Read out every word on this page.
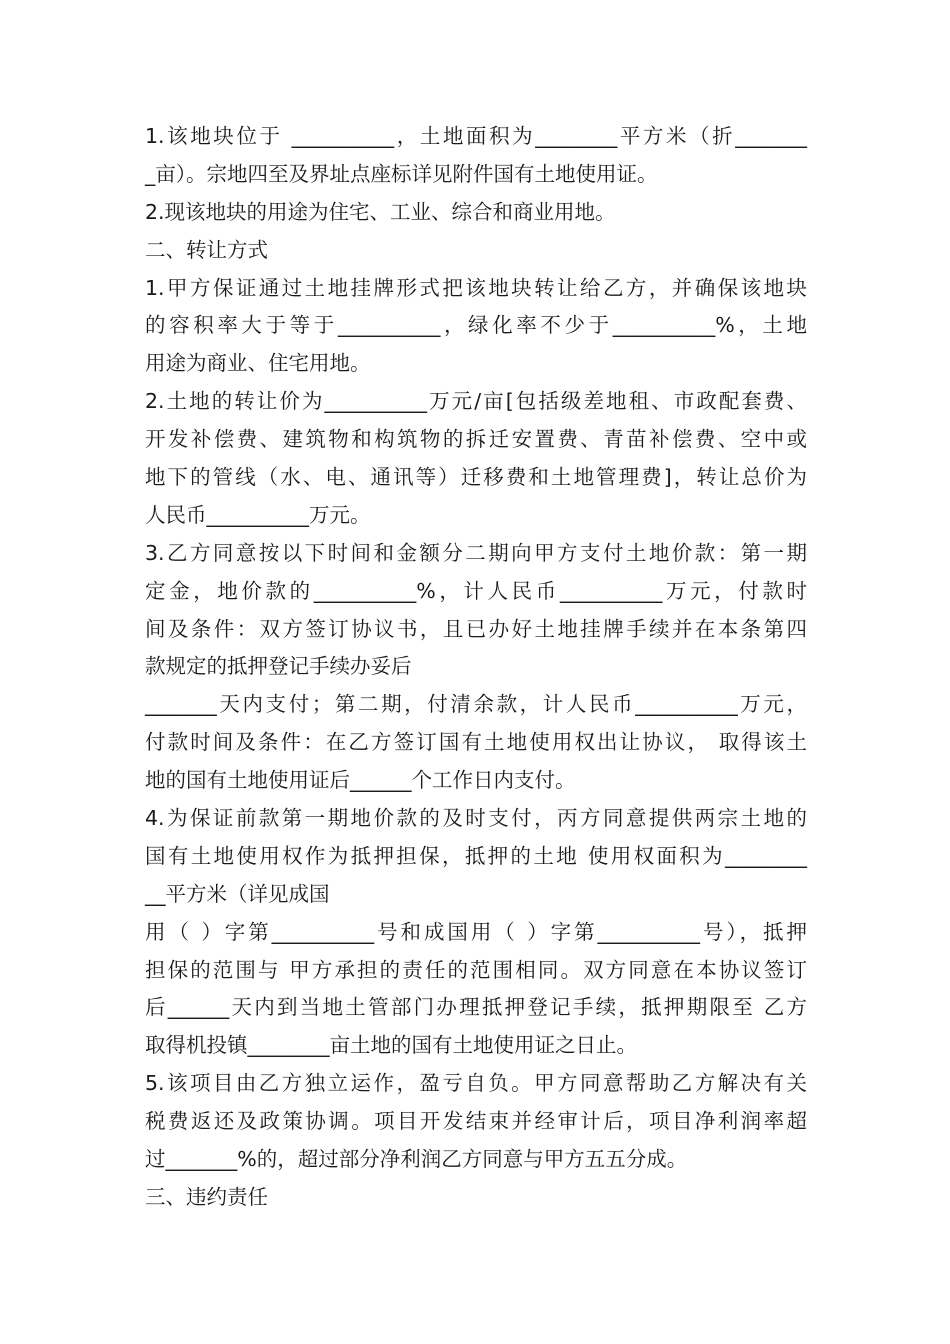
1.该地块位于 __________，土地面积为________平方米（折_______
_亩）。宗地四至及界址点座标详见附件国有土地使用证。
2.现该地块的用途为住宅、工业、综合和商业用地。
二、转让方式
1.甲方保证通过土地挂牌形式把该地块转让给乙方，并确保该地块
的容积率大于等于__________，绿化率不少于__________%，土地
用途为商业、住宅用地。
2.土地的转让价为__________万元/亩[包括级差地租、市政配套费、
开发补偿费、建筑物和构筑物的拆迁安置费、青苗补偿费、空中或
地下的管线（水、电、通讯等）迁移费和土地管理费]，转让总价为
人民币__________万元。
3.乙方同意按以下时间和金额分二期向甲方支付土地价款：第一期
定金，地价款的__________%，计人民币__________万元，付款时
间及条件：双方签订协议书，且已办好土地挂牌手续并在本条第四
款规定的抵押登记手续办妥后
_______天内支付；第二期，付清余款，计人民币__________万元，
付款时间及条件：在乙方签订国有土地使用权出让协议， 取得该土
地的国有土地使用证后______个工作日内支付。
4.为保证前款第一期地价款的及时支付，丙方同意提供两宗土地的
国有土地使用权作为抵押担保，抵押的土地 使用权面积为________
__平方米（详见成国
用（ ）字第__________号和成国用（ ）字第__________号），抵押
担保的范围与 甲方承担的责任的范围相同。双方同意在本协议签订
后______天内到当地土管部门办理抵押登记手续，抵押期限至 乙方
取得机投镇________亩土地的国有土地使用证之日止。
5.该项目由乙方独立运作，盈亏自负。甲方同意帮助乙方解决有关
税费返还及政策协调。项目开发结束并经审计后，项目净利润率超
过_______%的，超过部分净利润乙方同意与甲方五五分成。
三、违约责任
